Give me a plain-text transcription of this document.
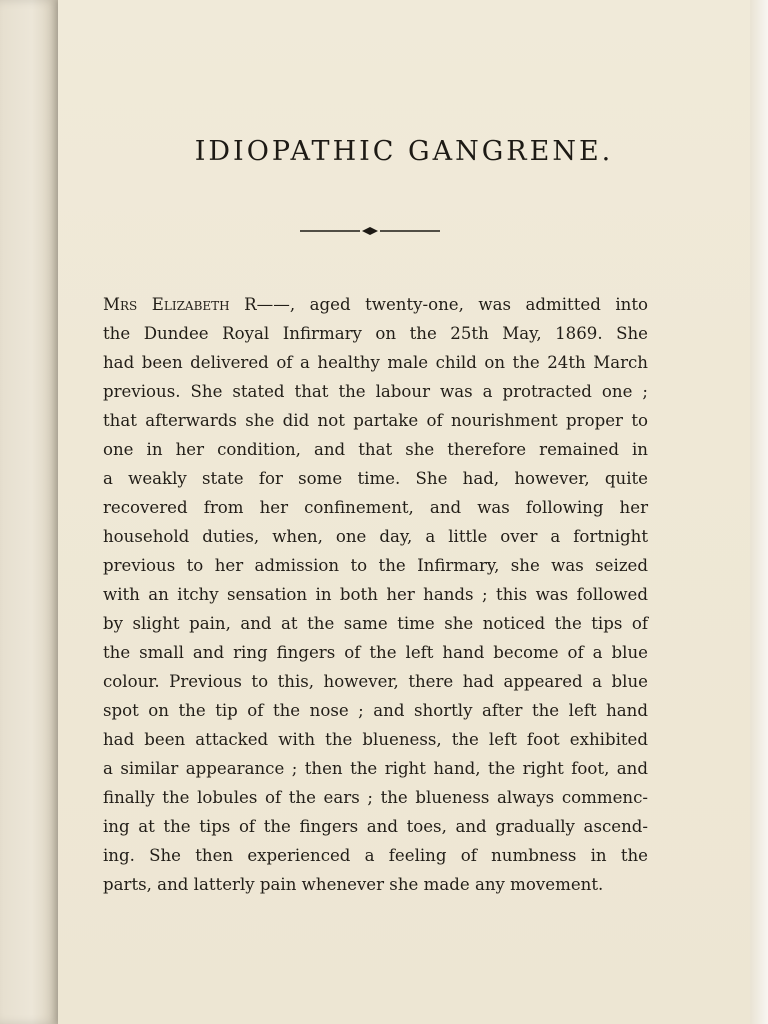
IDIOPATHIC GANGRENE.
Mrs Elizabeth R——, aged twenty-one, was admitted into
the Dundee Royal Infirmary on the 25th May, 1869. She
had been delivered of a healthy male child on the 24th March
previous. She stated that the labour was a protracted one ;
that afterwards she did not partake of nourishment proper to
one in her condition, and that she therefore remained in
a weakly state for some time. She had, however, quite
recovered from her confinement, and was following her
household duties, when, one day, a little over a fortnight
previous to her admission to the Infirmary, she was seized
with an itchy sensation in both her hands ; this was followed
by slight pain, and at the same time she noticed the tips of
the small and ring fingers of the left hand become of a blue
colour. Previous to this, however, there had appeared a blue
spot on the tip of the nose ; and shortly after the left hand
had been attacked with the blueness, the left foot exhibited
a similar appearance ; then the right hand, the right foot, and
finally the lobules of the ears ; the blueness always commenc-
ing at the tips of the fingers and toes, and gradually ascend-
ing. She then experienced a feeling of numbness in the
parts, and latterly pain whenever she made any movement.
